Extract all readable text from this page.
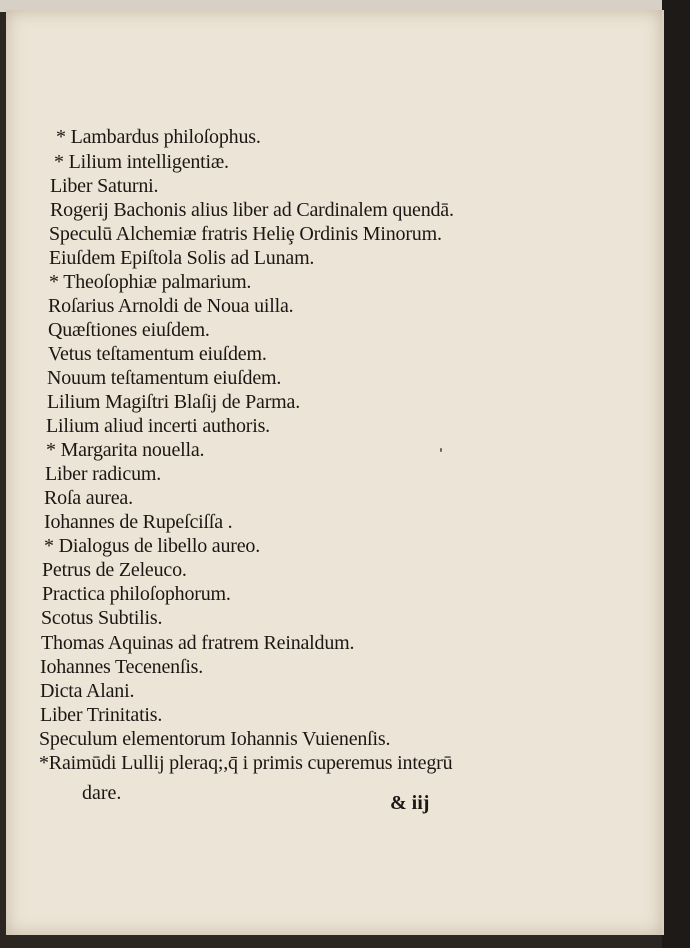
* Lambardus philoſophus.
* Lilium intelligentiæ.
Liber Saturni.
Rogerij Bachonis alius liber ad Cardinalem quendā.
Speculū Alchemiæ fratris Heliȩ Ordinis Minorum.
Eiuſdem Epiſtola Solis ad Lunam.
* Theoſophiæ palmarium.
Roſarius Arnoldi de Noua uilla.
Quæſtiones eiuſdem.
Vetus teſtamentum eiuſdem.
Nouum teſtamentum eiuſdem.
Lilium Magiſtri Blaſij de Parma.
Lilium aliud incerti authoris.
* Margarita nouella.
Liber radicum.
Roſa aurea.
Iohannes de Rupeſciſſa .
* Dialogus de libello aureo.
Petrus de Zeleuco.
Practica philoſophorum.
Scotus Subtilis.
Thomas Aquinas ad fratrem Reinaldum.
Iohannes Tecenenſis.
Dicta Alani.
Liber Trinitatis.
Speculum elementorum Iohannis Vuienenſis.
*Raimūdi Lullij pleraq;,q̄ i primis cuperemus integrū
dare.	& iij
